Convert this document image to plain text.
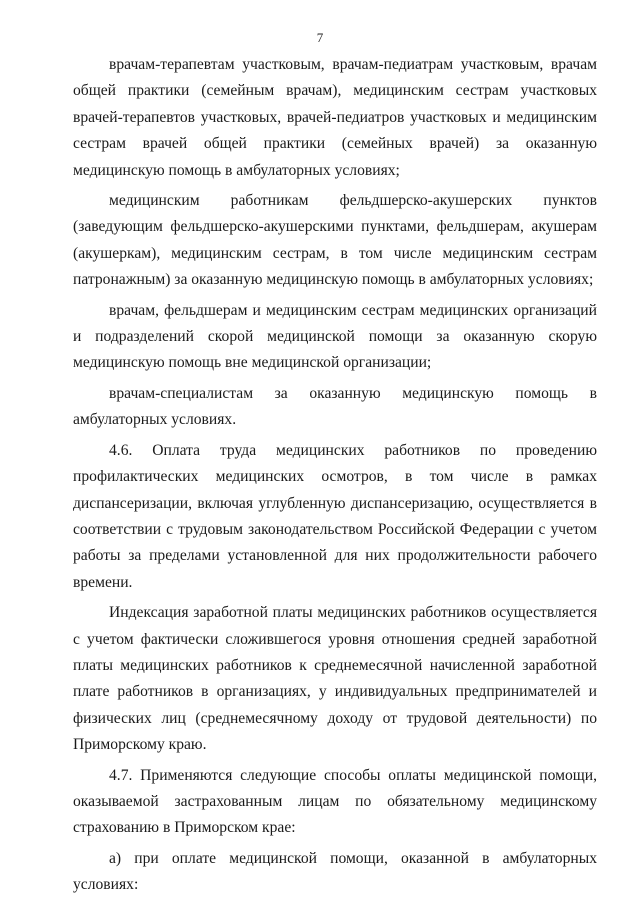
7

врачам-терапевтам участковым, врачам-педиатрам участковым, врачам общей практики (семейным врачам), медицинским сестрам участковых врачей-терапевтов участковых, врачей-педиатров участковых и медицинским сестрам врачей общей практики (семейных врачей) за оказанную медицинскую помощь в амбулаторных условиях;

медицинским работникам фельдшерско-акушерских пунктов (заведующим фельдшерско-акушерскими пунктами, фельдшерам, акушерам (акушеркам), медицинским сестрам, в том числе медицинским сестрам патронажным) за оказанную медицинскую помощь в амбулаторных условиях;

врачам, фельдшерам и медицинским сестрам медицинских организаций и подразделений скорой медицинской помощи за оказанную скорую медицинскую помощь вне медицинской организации;

врачам-специалистам за оказанную медицинскую помощь в амбулаторных условиях.

4.6. Оплата труда медицинских работников по проведению профилактических медицинских осмотров, в том числе в рамках диспансеризации, включая углубленную диспансеризацию, осуществляется в соответствии с трудовым законодательством Российской Федерации с учетом работы за пределами установленной для них продолжительности рабочего времени.

Индексация заработной платы медицинских работников осуществляется с учетом фактически сложившегося уровня отношения средней заработной платы медицинских работников к среднемесячной начисленной заработной плате работников в организациях, у индивидуальных предпринимателей и физических лиц (среднемесячному доходу от трудовой деятельности) по Приморскому краю.

4.7. Применяются следующие способы оплаты медицинской помощи, оказываемой застрахованным лицам по обязательному медицинскому страхованию в Приморском крае:

а) при оплате медицинской помощи, оказанной в амбулаторных условиях:
